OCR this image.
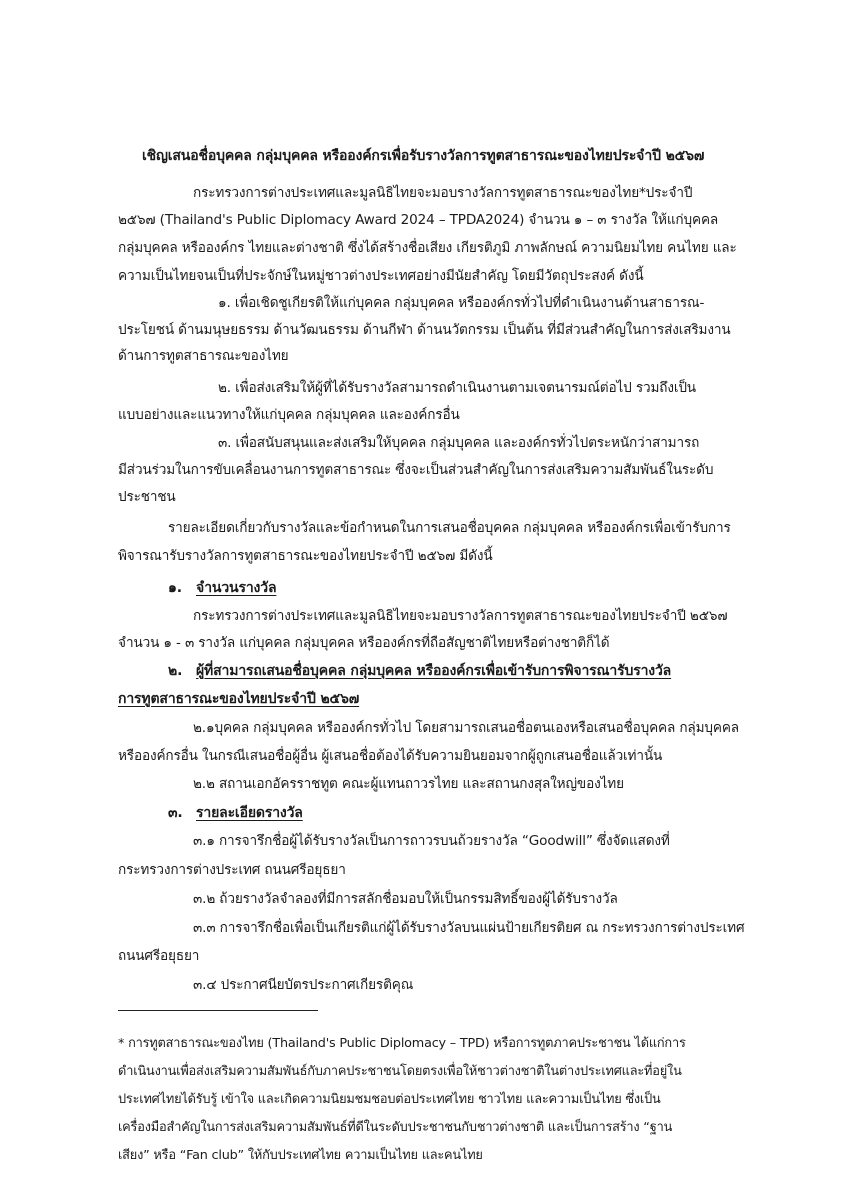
เชิญเสนอชื่อบุคคล กลุ่มบุคคล หรือองค์กรเพื่อรับรางวัลการทูตสาธารณะของไทยประจำปี ๒๕๖๗
กระทรวงการต่างประเทศและมูลนิธิไทยจะมอบรางวัลการทูตสาธารณะของไทย*ประจำปี
๒๕๖๗ (Thailand's Public Diplomacy Award 2024 – TPDA2024) จำนวน ๑ – ๓ รางวัล ให้แก่บุคคล
กลุ่มบุคคล หรือองค์กร ไทยและต่างชาติ ซึ่งได้สร้างชื่อเสียง เกียรติภูมิ ภาพลักษณ์ ความนิยมไทย คนไทย และ
ความเป็นไทยจนเป็นที่ประจักษ์ในหมู่ชาวต่างประเทศอย่างมีนัยสำคัญ โดยมีวัตถุประสงค์ ดังนี้
๑. เพื่อเชิดชูเกียรติให้แก่บุคคล กลุ่มบุคคล หรือองค์กรทั่วไปที่ดำเนินงานด้านสาธารณ-
ประโยชน์ ด้านมนุษยธรรม ด้านวัฒนธรรม ด้านกีฬา ด้านนวัตกรรม เป็นต้น ที่มีส่วนสำคัญในการส่งเสริมงาน
ด้านการทูตสาธารณะของไทย
๒. เพื่อส่งเสริมให้ผู้ที่ได้รับรางวัลสามารถดำเนินงานตามเจตนารมณ์ต่อไป รวมถึงเป็น
แบบอย่างและแนวทางให้แก่บุคคล กลุ่มบุคคล และองค์กรอื่น
๓. เพื่อสนับสนุนและส่งเสริมให้บุคคล กลุ่มบุคคล และองค์กรทั่วไปตระหนักว่าสามารถ
มีส่วนร่วมในการขับเคลื่อนงานการทูตสาธารณะ ซึ่งจะเป็นส่วนสำคัญในการส่งเสริมความสัมพันธ์ในระดับ
ประชาชน
รายละเอียดเกี่ยวกับรางวัลและข้อกำหนดในการเสนอชื่อบุคคล กลุ่มบุคคล หรือองค์กรเพื่อเข้ารับการ
พิจารณารับรางวัลการทูตสาธารณะของไทยประจำปี ๒๕๖๗ มีดังนี้
๑. จำนวนรางวัล
กระทรวงการต่างประเทศและมูลนิธิไทยจะมอบรางวัลการทูตสาธารณะของไทยประจำปี ๒๕๖๗
จำนวน ๑ - ๓ รางวัล แก่บุคคล กลุ่มบุคคล หรือองค์กรที่ถือสัญชาติไทยหรือต่างชาติก็ได้
๒. ผู้ที่สามารถเสนอชื่อบุคคล กลุ่มบุคคล หรือองค์กรเพื่อเข้ารับการพิจารณารับรางวัล
การทูตสาธารณะของไทยประจำปี ๒๕๖๗
๒.๑บุคคล กลุ่มบุคคล หรือองค์กรทั่วไป โดยสามารถเสนอชื่อตนเองหรือเสนอชื่อบุคคล กลุ่มบุคคล
หรือองค์กรอื่น ในกรณีเสนอชื่อผู้อื่น ผู้เสนอชื่อต้องได้รับความยินยอมจากผู้ถูกเสนอชื่อแล้วเท่านั้น
๒.๒ สถานเอกอัครราชทูต คณะผู้แทนถาวรไทย และสถานกงสุลใหญ่ของไทย
๓. รายละเอียดรางวัล
๓.๑ การจารึกชื่อผู้ได้รับรางวัลเป็นการถาวรบนถ้วยรางวัล “Goodwill” ซึ่งจัดแสดงที่
กระทรวงการต่างประเทศ ถนนศรีอยุธยา
๓.๒ ถ้วยรางวัลจำลองที่มีการสลักชื่อมอบให้เป็นกรรมสิทธิ์ของผู้ได้รับรางวัล
๓.๓ การจารึกชื่อเพื่อเป็นเกียรติแก่ผู้ได้รับรางวัลบนแผ่นป้ายเกียรติยศ ณ กระทรวงการต่างประเทศ
ถนนศรีอยุธยา
๓.๔ ประกาศนียบัตรประกาศเกียรติคุณ
* การทูตสาธารณะของไทย (Thailand's Public Diplomacy – TPD) หรือการทูตภาคประชาชน ได้แก่การ
ดำเนินงานเพื่อส่งเสริมความสัมพันธ์กับภาคประชาชนโดยตรงเพื่อให้ชาวต่างชาติในต่างประเทศและที่อยู่ใน
ประเทศไทยได้รับรู้ เข้าใจ และเกิดความนิยมชมชอบต่อประเทศไทย ชาวไทย และความเป็นไทย ซึ่งเป็น
เครื่องมือสำคัญในการส่งเสริมความสัมพันธ์ที่ดีในระดับประชาชนกับชาวต่างชาติ และเป็นการสร้าง “ฐาน
เสียง” หรือ “Fan club” ให้กับประเทศไทย ความเป็นไทย และคนไทย
